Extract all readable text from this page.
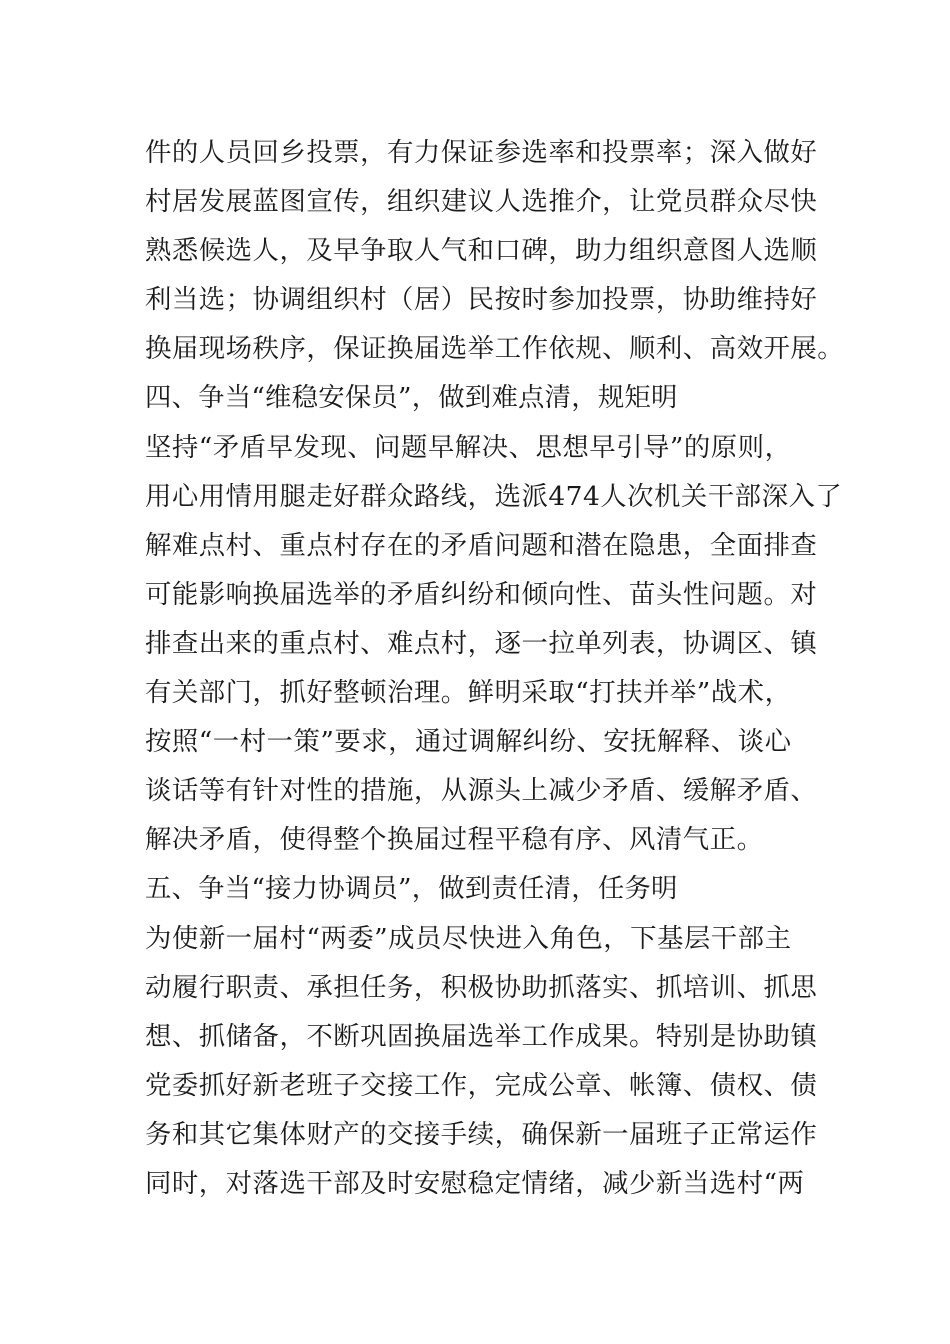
件的人员回乡投票，有力保证参选率和投票率；深入做好
村居发展蓝图宣传，组织建议人选推介，让党员群众尽快
熟悉候选人，及早争取人气和口碑，助力组织意图人选顺
利当选；协调组织村（居）民按时参加投票，协助维持好
换届现场秩序，保证换届选举工作依规、顺利、高效开展。
四、争当“维稳安保员”，做到难点清，规矩明
坚持“矛盾早发现、问题早解决、思想早引导”的原则，
用心用情用腿走好群众路线，选派474人次机关干部深入了
解难点村、重点村存在的矛盾问题和潜在隐患，全面排查
可能影响换届选举的矛盾纠纷和倾向性、苗头性问题。对
排查出来的重点村、难点村，逐一拉单列表，协调区、镇
有关部门，抓好整顿治理。鲜明采取“打扶并举”战术，
按照“一村一策”要求，通过调解纠纷、安抚解释、谈心
谈话等有针对性的措施，从源头上减少矛盾、缓解矛盾、
解决矛盾，使得整个换届过程平稳有序、风清气正。
五、争当“接力协调员”，做到责任清，任务明
为使新一届村“两委”成员尽快进入角色，下基层干部主
动履行职责、承担任务，积极协助抓落实、抓培训、抓思
想、抓储备，不断巩固换届选举工作成果。特别是协助镇
党委抓好新老班子交接工作，完成公章、帐簿、债权、债
务和其它集体财产的交接手续，确保新一届班子正常运作
同时，对落选干部及时安慰稳定情绪，减少新当选村“两
